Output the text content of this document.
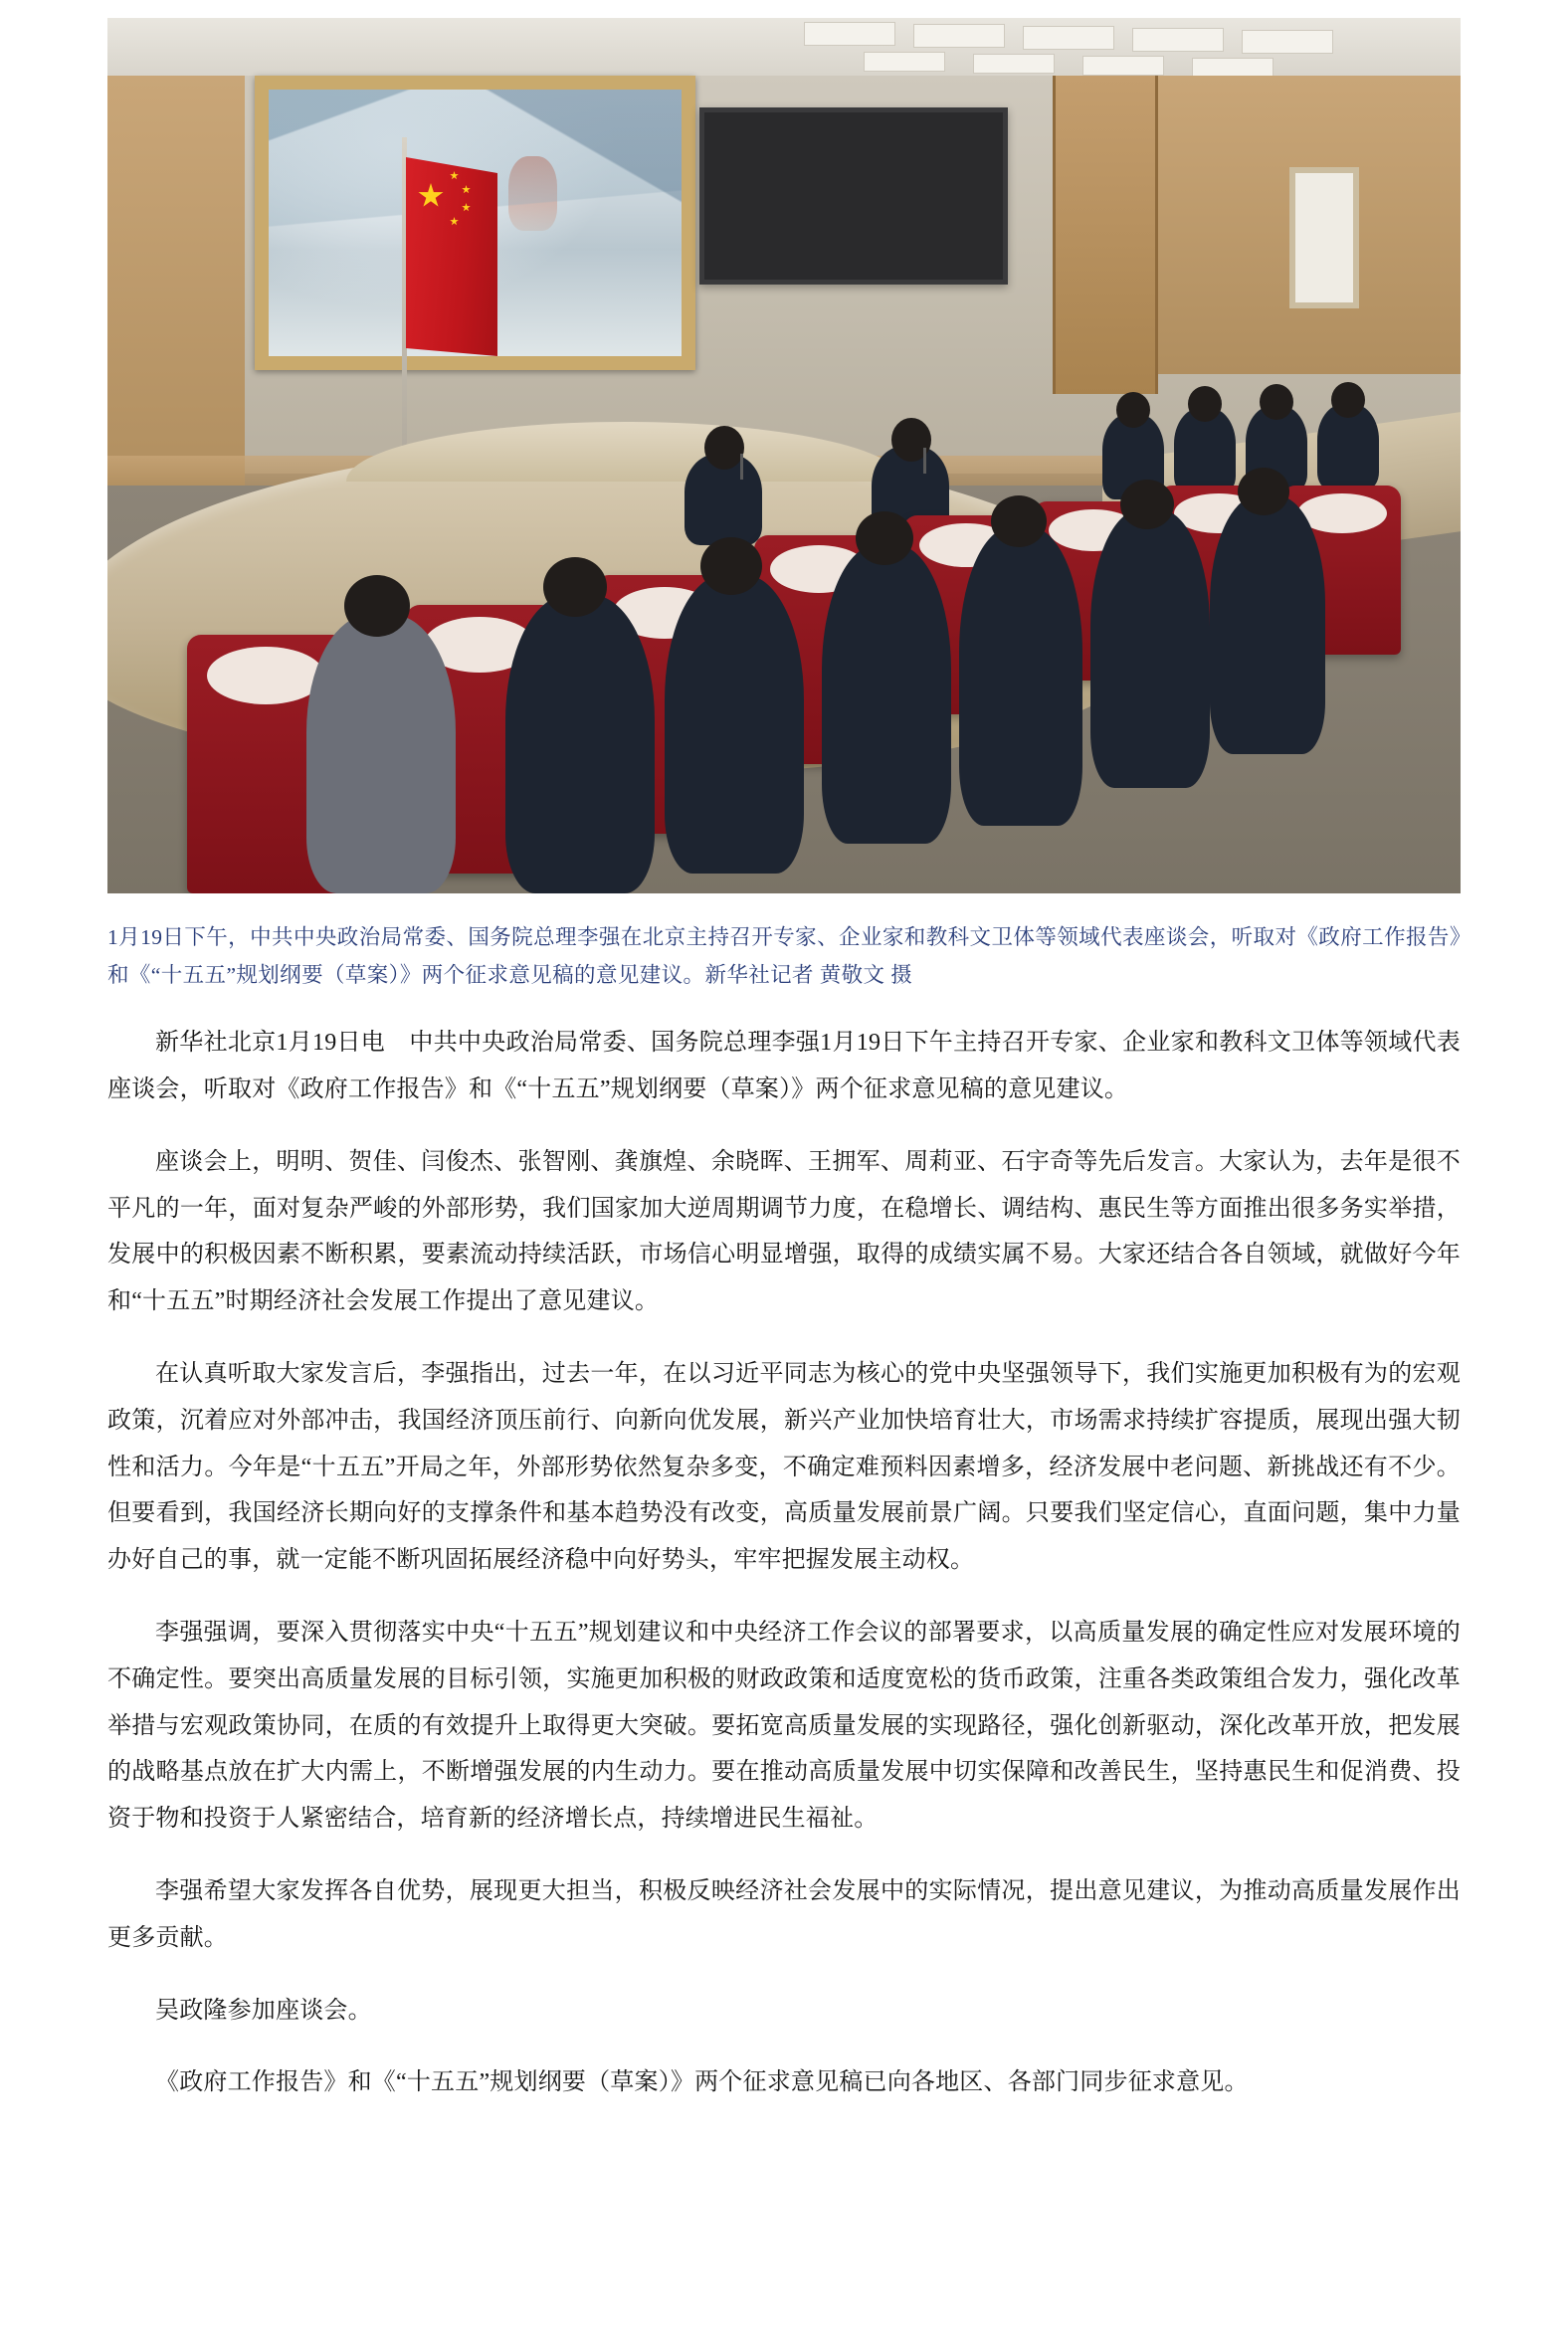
1月19日下午，中共中央政治局常委、国务院总理李强在北京主持召开专家、企业家和教科文卫体等领域代表座谈会，听取对《政府工作报告》和《“十五五”规划纲要（草案）》两个征求意见稿的意见建议。新华社记者 黄敬文 摄

新华社北京1月19日电　中共中央政治局常委、国务院总理李强1月19日下午主持召开专家、企业家和教科文卫体等领域代表座谈会，听取对《政府工作报告》和《“十五五”规划纲要（草案）》两个征求意见稿的意见建议。

座谈会上，明明、贺佳、闫俊杰、张智刚、龚旗煌、余晓晖、王拥军、周莉亚、石宇奇等先后发言。大家认为，去年是很不平凡的一年，面对复杂严峻的外部形势，我们国家加大逆周期调节力度，在稳增长、调结构、惠民生等方面推出很多务实举措，发展中的积极因素不断积累，要素流动持续活跃，市场信心明显增强，取得的成绩实属不易。大家还结合各自领域，就做好今年和“十五五”时期经济社会发展工作提出了意见建议。

在认真听取大家发言后，李强指出，过去一年，在以习近平同志为核心的党中央坚强领导下，我们实施更加积极有为的宏观政策，沉着应对外部冲击，我国经济顶压前行、向新向优发展，新兴产业加快培育壮大，市场需求持续扩容提质，展现出强大韧性和活力。今年是“十五五”开局之年，外部形势依然复杂多变，不确定难预料因素增多，经济发展中老问题、新挑战还有不少。但要看到，我国经济长期向好的支撑条件和基本趋势没有改变，高质量发展前景广阔。只要我们坚定信心，直面问题，集中力量办好自己的事，就一定能不断巩固拓展经济稳中向好势头，牢牢把握发展主动权。

李强强调，要深入贯彻落实中央“十五五”规划建议和中央经济工作会议的部署要求，以高质量发展的确定性应对发展环境的不确定性。要突出高质量发展的目标引领，实施更加积极的财政政策和适度宽松的货币政策，注重各类政策组合发力，强化改革举措与宏观政策协同，在质的有效提升上取得更大突破。要拓宽高质量发展的实现路径，强化创新驱动，深化改革开放，把发展的战略基点放在扩大内需上，不断增强发展的内生动力。要在推动高质量发展中切实保障和改善民生，坚持惠民生和促消费、投资于物和投资于人紧密结合，培育新的经济增长点，持续增进民生福祉。

李强希望大家发挥各自优势，展现更大担当，积极反映经济社会发展中的实际情况，提出意见建议，为推动高质量发展作出更多贡献。

吴政隆参加座谈会。

《政府工作报告》和《“十五五”规划纲要（草案）》两个征求意见稿已向各地区、各部门同步征求意见。
